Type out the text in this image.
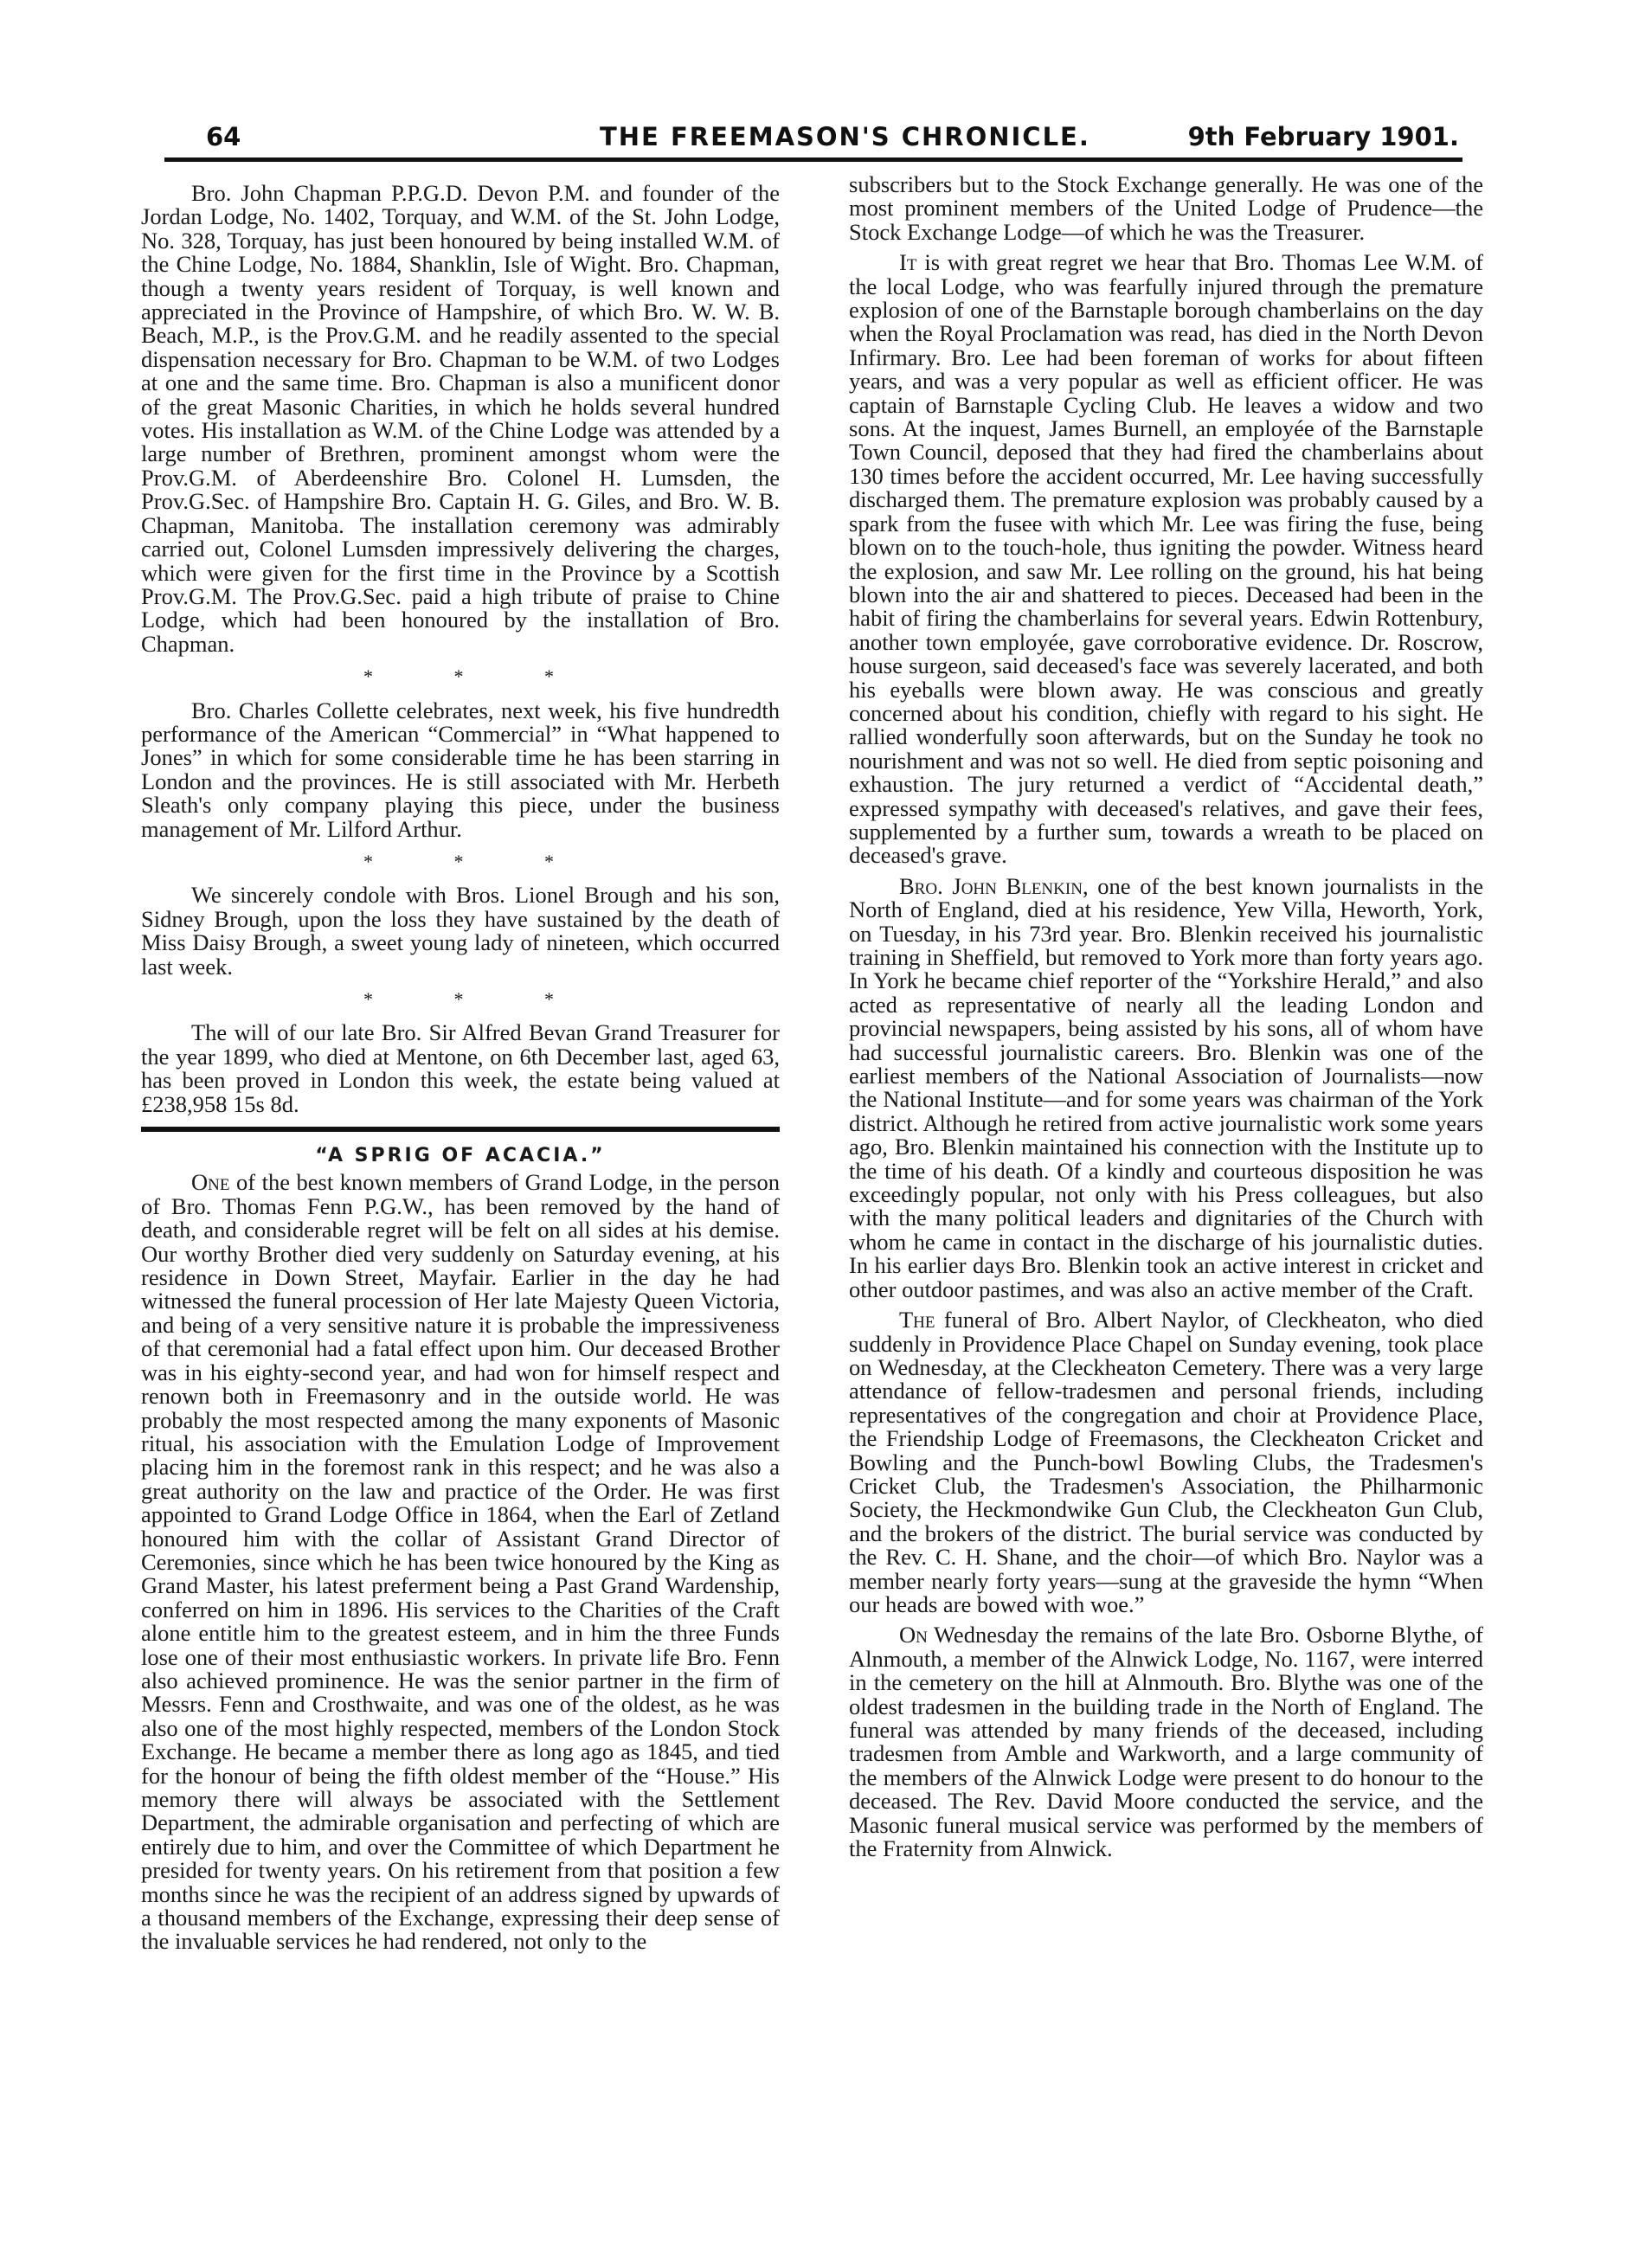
64	THE FREEMASON'S CHRONICLE.	9th February 1901.

Bro. John Chapman P.P.G.D. Devon P.M. and founder of the Jordan Lodge, No. 1402, Torquay, and W.M. of the St. John Lodge, No. 328, Torquay, has just been honoured by being installed W.M. of the Chine Lodge, No. 1884, Shanklin, Isle of Wight. Bro. Chapman, though a twenty years resident of Torquay, is well known and appreciated in the Province of Hampshire, of which Bro. W. W. B. Beach, M.P., is the Prov.G.M. and he readily assented to the special dispensation necessary for Bro. Chapman to be W.M. of two Lodges at one and the same time. Bro. Chapman is also a munificent donor of the great Masonic Charities, in which he holds several hundred votes. His installation as W.M. of the Chine Lodge was attended by a large number of Brethren, prominent amongst whom were the Prov.G.M. of Aberdeenshire Bro. Colonel H. Lumsden, the Prov.G.Sec. of Hampshire Bro. Captain H. G. Giles, and Bro. W. B. Chapman, Manitoba. The installation ceremony was admirably carried out, Colonel Lumsden impressively delivering the charges, which were given for the first time in the Province by a Scottish Prov.G.M. The Prov.G.Sec. paid a high tribute of praise to Chine Lodge, which had been honoured by the installation of Bro. Chapman.

* * *

Bro. Charles Collette celebrates, next week, his five hundredth performance of the American “Commercial” in “What happened to Jones” in which for some considerable time he has been starring in London and the provinces. He is still associated with Mr. Herbeth Sleath's only company playing this piece, under the business management of Mr. Lilford Arthur.

* * *

We sincerely condole with Bros. Lionel Brough and his son, Sidney Brough, upon the loss they have sustained by the death of Miss Daisy Brough, a sweet young lady of nineteen, which occurred last week.

* * *

The will of our late Bro. Sir Alfred Bevan Grand Treasurer for the year 1899, who died at Mentone, on 6th December last, aged 63, has been proved in London this week, the estate being valued at £238,958 15s 8d.

“A SPRIG OF ACACIA.”

One of the best known members of Grand Lodge, in the person of Bro. Thomas Fenn P.G.W., has been removed by the hand of death, and considerable regret will be felt on all sides at his demise. Our worthy Brother died very suddenly on Saturday evening, at his residence in Down Street, Mayfair. Earlier in the day he had witnessed the funeral procession of Her late Majesty Queen Victoria, and being of a very sensitive nature it is probable the impressiveness of that ceremonial had a fatal effect upon him. Our deceased Brother was in his eighty-second year, and had won for himself respect and renown both in Freemasonry and in the outside world. He was probably the most respected among the many exponents of Masonic ritual, his association with the Emulation Lodge of Improvement placing him in the foremost rank in this respect; and he was also a great authority on the law and practice of the Order. He was first appointed to Grand Lodge Office in 1864, when the Earl of Zetland honoured him with the collar of Assistant Grand Director of Ceremonies, since which he has been twice honoured by the King as Grand Master, his latest preferment being a Past Grand Wardenship, conferred on him in 1896. His services to the Charities of the Craft alone entitle him to the greatest esteem, and in him the three Funds lose one of their most enthusiastic workers. In private life Bro. Fenn also achieved prominence. He was the senior partner in the firm of Messrs. Fenn and Crosthwaite, and was one of the oldest, as he was also one of the most highly respected, members of the London Stock Exchange. He became a member there as long ago as 1845, and tied for the honour of being the fifth oldest member of the “House.” His memory there will always be associated with the Settlement Department, the admirable organisation and perfecting of which are entirely due to him, and over the Committee of which Department he presided for twenty years. On his retirement from that position a few months since he was the recipient of an address signed by upwards of a thousand members of the Exchange, expressing their deep sense of the invaluable services he had rendered, not only to the

subscribers but to the Stock Exchange generally. He was one of the most prominent members of the United Lodge of Prudence—the Stock Exchange Lodge—of which he was the Treasurer.

It is with great regret we hear that Bro. Thomas Lee W.M. of the local Lodge, who was fearfully injured through the premature explosion of one of the Barnstaple borough chamberlains on the day when the Royal Proclamation was read, has died in the North Devon Infirmary. Bro. Lee had been foreman of works for about fifteen years, and was a very popular as well as efficient officer. He was captain of Barnstaple Cycling Club. He leaves a widow and two sons. At the inquest, James Burnell, an employée of the Barnstaple Town Council, deposed that they had fired the chamberlains about 130 times before the accident occurred, Mr. Lee having successfully discharged them. The premature explosion was probably caused by a spark from the fusee with which Mr. Lee was firing the fuse, being blown on to the touch-hole, thus igniting the powder. Witness heard the explosion, and saw Mr. Lee rolling on the ground, his hat being blown into the air and shattered to pieces. Deceased had been in the habit of firing the chamberlains for several years. Edwin Rottenbury, another town employée, gave corroborative evidence. Dr. Roscrow, house surgeon, said deceased's face was severely lacerated, and both his eyeballs were blown away. He was conscious and greatly concerned about his condition, chiefly with regard to his sight. He rallied wonderfully soon afterwards, but on the Sunday he took no nourishment and was not so well. He died from septic poisoning and exhaustion. The jury returned a verdict of “Accidental death,” expressed sympathy with deceased's relatives, and gave their fees, supplemented by a further sum, towards a wreath to be placed on deceased's grave.

Bro. John Blenkin, one of the best known journalists in the North of England, died at his residence, Yew Villa, Heworth, York, on Tuesday, in his 73rd year. Bro. Blenkin received his journalistic training in Sheffield, but removed to York more than forty years ago. In York he became chief reporter of the “Yorkshire Herald,” and also acted as representative of nearly all the leading London and provincial newspapers, being assisted by his sons, all of whom have had successful journalistic careers. Bro. Blenkin was one of the earliest members of the National Association of Journalists—now the National Institute—and for some years was chairman of the York district. Although he retired from active journalistic work some years ago, Bro. Blenkin maintained his connection with the Institute up to the time of his death. Of a kindly and courteous disposition he was exceedingly popular, not only with his Press colleagues, but also with the many political leaders and dignitaries of the Church with whom he came in contact in the discharge of his journalistic duties. In his earlier days Bro. Blenkin took an active interest in cricket and other outdoor pastimes, and was also an active member of the Craft.

The funeral of Bro. Albert Naylor, of Cleckheaton, who died suddenly in Providence Place Chapel on Sunday evening, took place on Wednesday, at the Cleckheaton Cemetery. There was a very large attendance of fellow-tradesmen and personal friends, including representatives of the congregation and choir at Providence Place, the Friendship Lodge of Freemasons, the Cleckheaton Cricket and Bowling and the Punch-bowl Bowling Clubs, the Tradesmen's Cricket Club, the Tradesmen's Association, the Philharmonic Society, the Heckmondwike Gun Club, the Cleckheaton Gun Club, and the brokers of the district. The burial service was conducted by the Rev. C. H. Shane, and the choir—of which Bro. Naylor was a member nearly forty years—sung at the graveside the hymn “When our heads are bowed with woe.”

On Wednesday the remains of the late Bro. Osborne Blythe, of Alnmouth, a member of the Alnwick Lodge, No. 1167, were interred in the cemetery on the hill at Alnmouth. Bro. Blythe was one of the oldest tradesmen in the building trade in the North of England. The funeral was attended by many friends of the deceased, including tradesmen from Amble and Warkworth, and a large community of the members of the Alnwick Lodge were present to do honour to the deceased. The Rev. David Moore conducted the service, and the Masonic funeral musical service was performed by the members of the Fraternity from Alnwick.
